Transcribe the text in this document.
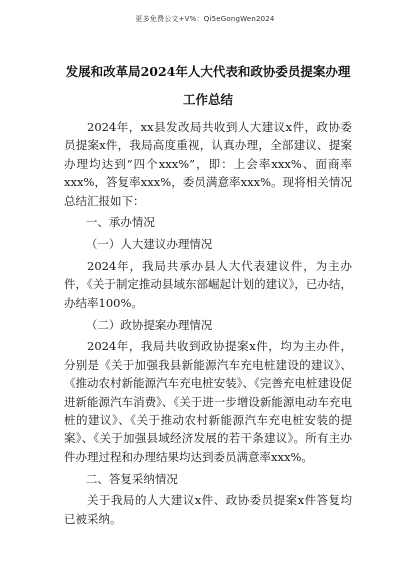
更多免费公文+V%：Qi5eGongWen2024
发展和改革局2024年人大代表和政协委员提案办理工作总结

2024年，xx县发改局共收到人大建议x件，政协委员提案x件，我局高度重视，认真办理，全部建议、提案办理均达到“四个xxx%”，即：上会率xxx%、面商率xxx%，答复率xxx%，委员满意率xxx%。现将相关情况总结汇报如下：

一、承办情况

（一）人大建议办理情况

2024年，我局共承办县人大代表建议件，为主办件，《关于制定推动县域东部崛起计划的建议》，已办结，办结率100%。

（二）政协提案办理情况

2024年，我局共收到政协提案x件，均为主办件，分别是《关于加强我县新能源汽车充电桩建设的建议》、《推动农村新能源汽车充电桩安装》、《完善充电桩建设促进新能源汽车消费》、《关于进一步增设新能源电动车充电桩的建议》、《关于推动农村新能源汽车充电桩安装的提案》、《关于加强县域经济发展的若干条建议》。所有主办件办理过程和办理结果均达到委员满意率xxx%。

二、答复采纳情况

关于我局的人大建议x件、政协委员提案x件答复均已被采纳。
